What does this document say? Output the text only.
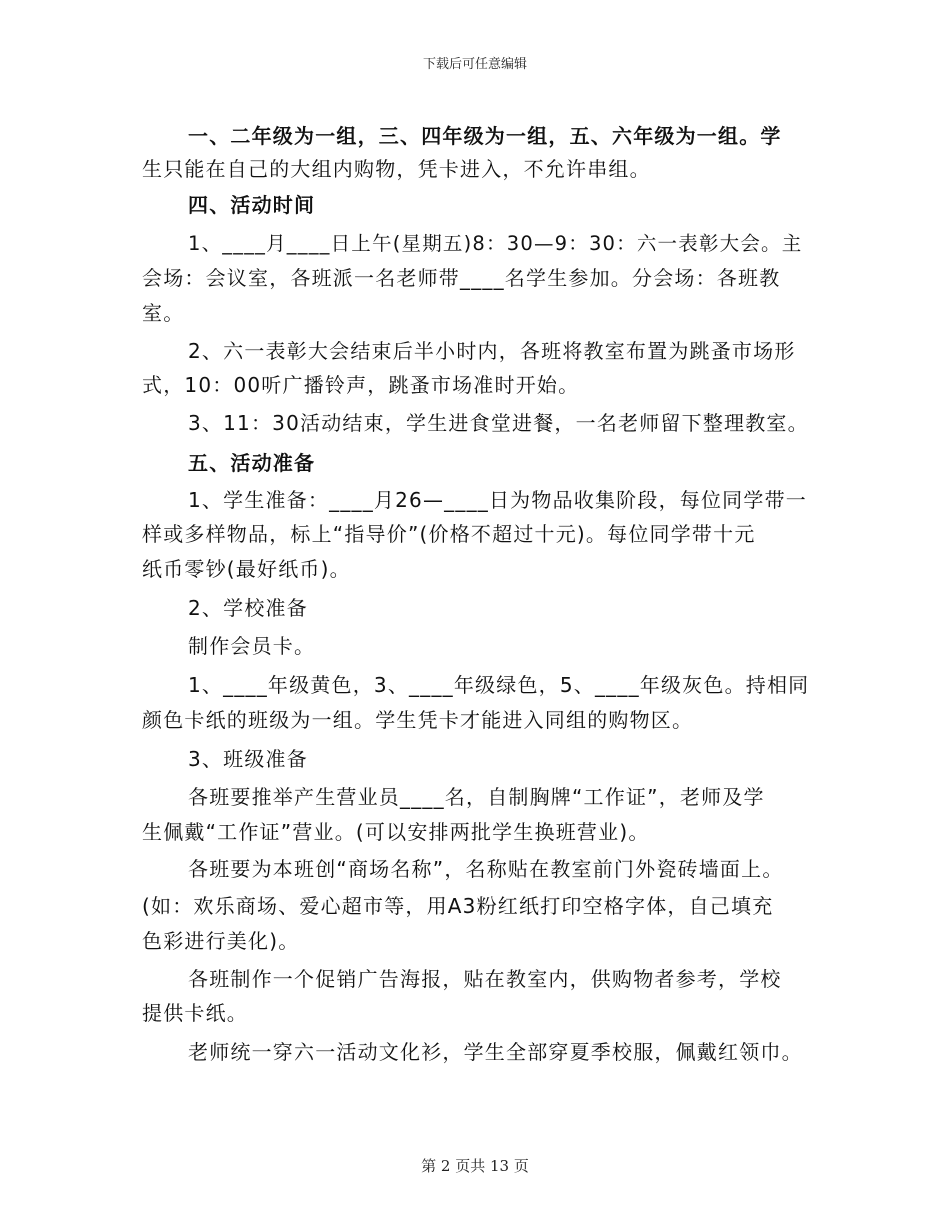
下载后可任意编辑
一、二年级为一组，三、四年级为一组，五、六年级为一组。学
生只能在自己的大组内购物，凭卡进入，不允许串组。
四、活动时间
1、____月____日上午(星期五)8：30—9：30：六一表彰大会。主
会场：会议室，各班派一名老师带____名学生参加。分会场：各班教
室。
2、六一表彰大会结束后半小时内，各班将教室布置为跳蚤市场形
式，10：00听广播铃声，跳蚤市场准时开始。
3、11：30活动结束，学生进食堂进餐，一名老师留下整理教室。
五、活动准备
1、学生准备：____月26—____日为物品收集阶段，每位同学带一
样或多样物品，标上“指导价”(价格不超过十元)。每位同学带十元
纸币零钞(最好纸币)。
2、学校准备
制作会员卡。
1、____年级黄色，3、____年级绿色，5、____年级灰色。持相同
颜色卡纸的班级为一组。学生凭卡才能进入同组的购物区。
3、班级准备
各班要推举产生营业员____名，自制胸牌“工作证”，老师及学
生佩戴“工作证”营业。(可以安排两批学生换班营业)。
各班要为本班创“商场名称”，名称贴在教室前门外瓷砖墙面上。
(如：欢乐商场、爱心超市等，用A3粉红纸打印空格字体，自己填充
色彩进行美化)。
各班制作一个促销广告海报，贴在教室内，供购物者参考，学校
提供卡纸。
老师统一穿六一活动文化衫，学生全部穿夏季校服，佩戴红领巾。
第 2 页共 13 页
